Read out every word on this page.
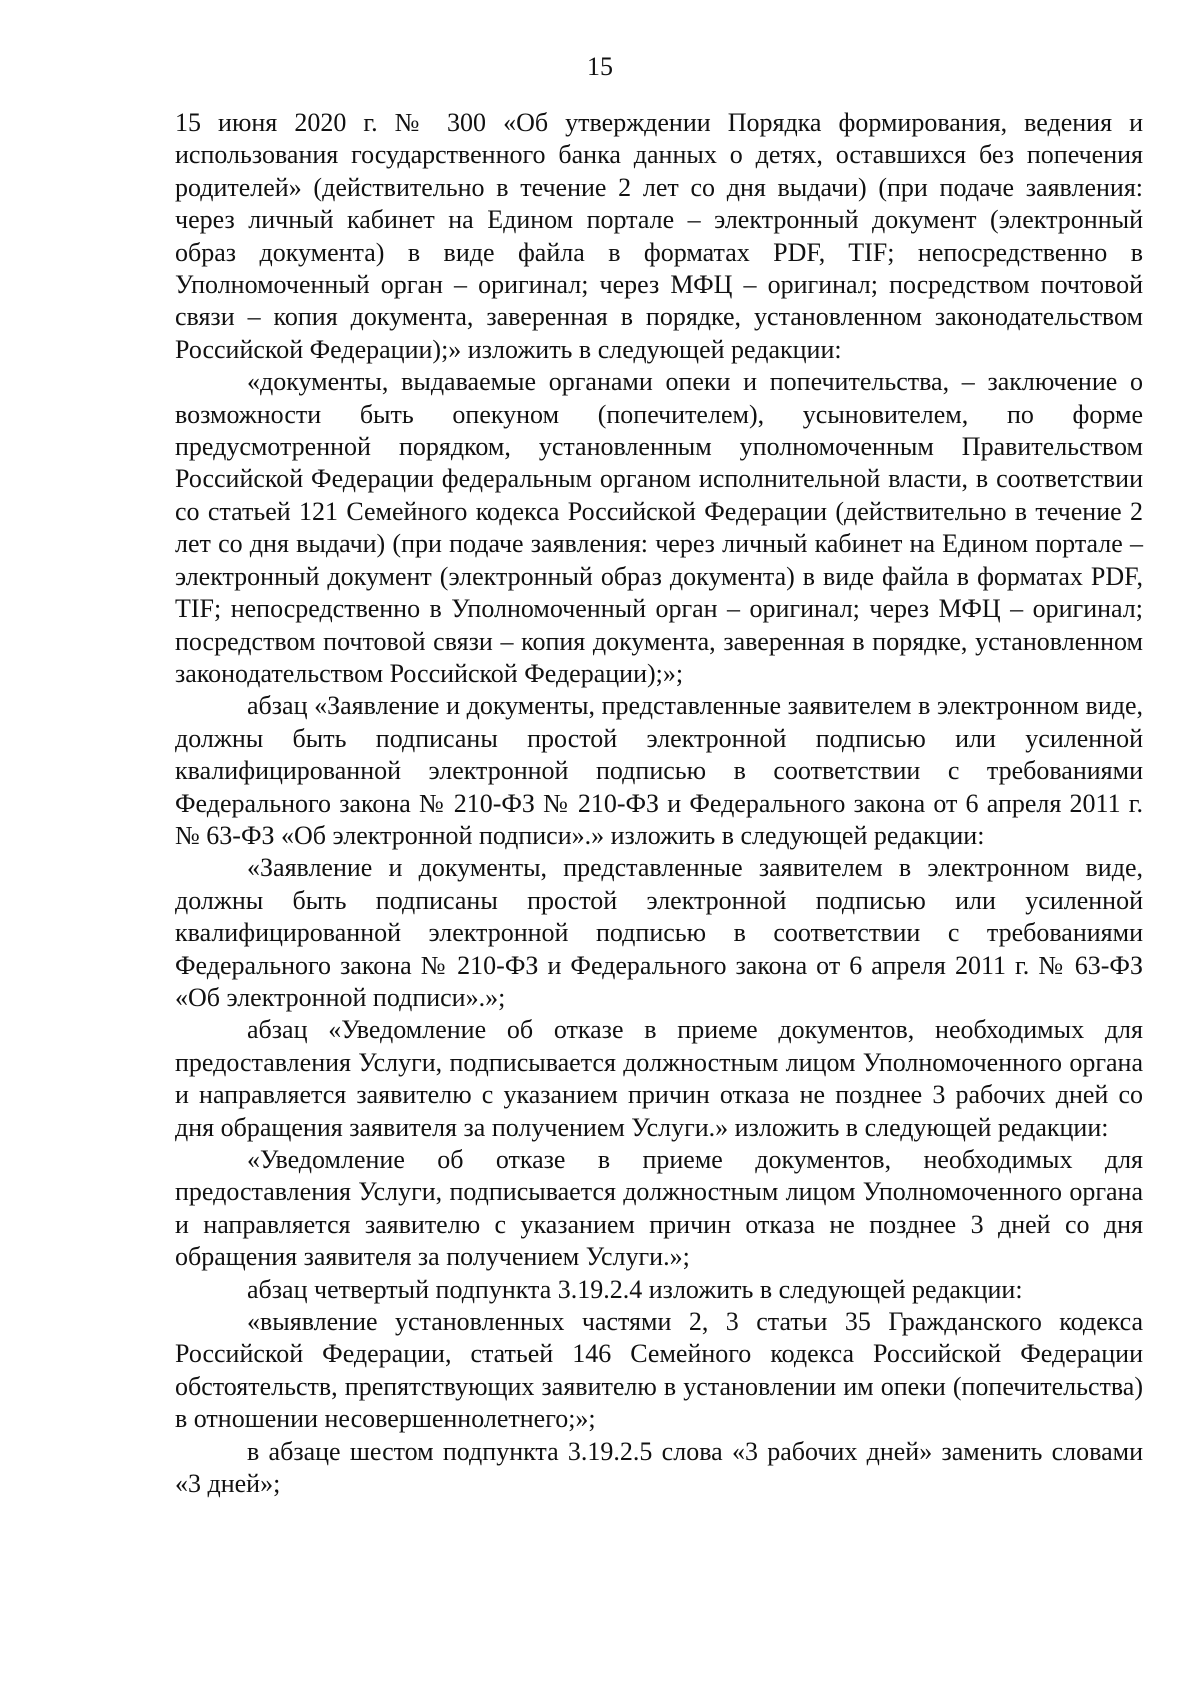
15

15 июня 2020 г. № 300 «Об утверждении Порядка формирования, ведения и использования государственного банка данных о детях, оставшихся без попечения родителей» (действительно в течение 2 лет со дня выдачи) (при подаче заявления: через личный кабинет на Едином портале – электронный документ (электронный образ документа) в виде файла в форматах PDF, TIF; непосредственно в Уполномоченный орган – оригинал; через МФЦ – оригинал; посредством почтовой связи – копия документа, заверенная в порядке, установленном законодательством Российской Федерации);» изложить в следующей редакции:

«документы, выдаваемые органами опеки и попечительства, – заключение о возможности быть опекуном (попечителем), усыновителем, по форме предусмотренной порядком, установленным уполномоченным Правительством Российской Федерации федеральным органом исполнительной власти, в соответствии со статьей 121 Семейного кодекса Российской Федерации (действительно в течение 2 лет со дня выдачи) (при подаче заявления: через личный кабинет на Едином портале – электронный документ (электронный образ документа) в виде файла в форматах PDF, TIF; непосредственно в Уполномоченный орган – оригинал; через МФЦ – оригинал; посредством почтовой связи – копия документа, заверенная в порядке, установленном законодательством Российской Федерации);»;

абзац «Заявление и документы, представленные заявителем в электронном виде, должны быть подписаны простой электронной подписью или усиленной квалифицированной электронной подписью в соответствии с требованиями Федерального закона № 210-ФЗ № 210-ФЗ и Федерального закона от 6 апреля 2011 г. № 63-ФЗ «Об электронной подписи».» изложить в следующей редакции:

«Заявление и документы, представленные заявителем в электронном виде, должны быть подписаны простой электронной подписью или усиленной квалифицированной электронной подписью в соответствии с требованиями Федерального закона № 210-ФЗ и Федерального закона от 6 апреля 2011 г. № 63-ФЗ «Об электронной подписи».»;

абзац «Уведомление об отказе в приеме документов, необходимых для предоставления Услуги, подписывается должностным лицом Уполномоченного органа и направляется заявителю с указанием причин отказа не позднее 3 рабочих дней со дня обращения заявителя за получением Услуги.» изложить в следующей редакции:

«Уведомление об отказе в приеме документов, необходимых для предоставления Услуги, подписывается должностным лицом Уполномоченного органа и направляется заявителю с указанием причин отказа не позднее 3 дней со дня обращения заявителя за получением Услуги.»;

абзац четвертый подпункта 3.19.2.4 изложить в следующей редакции:

«выявление установленных частями 2, 3 статьи 35 Гражданского кодекса Российской Федерации, статьей 146 Семейного кодекса Российской Федерации обстоятельств, препятствующих заявителю в установлении им опеки (попечительства) в отношении несовершеннолетнего;»;

в абзаце шестом подпункта 3.19.2.5 слова «3 рабочих дней» заменить словами «3 дней»;
